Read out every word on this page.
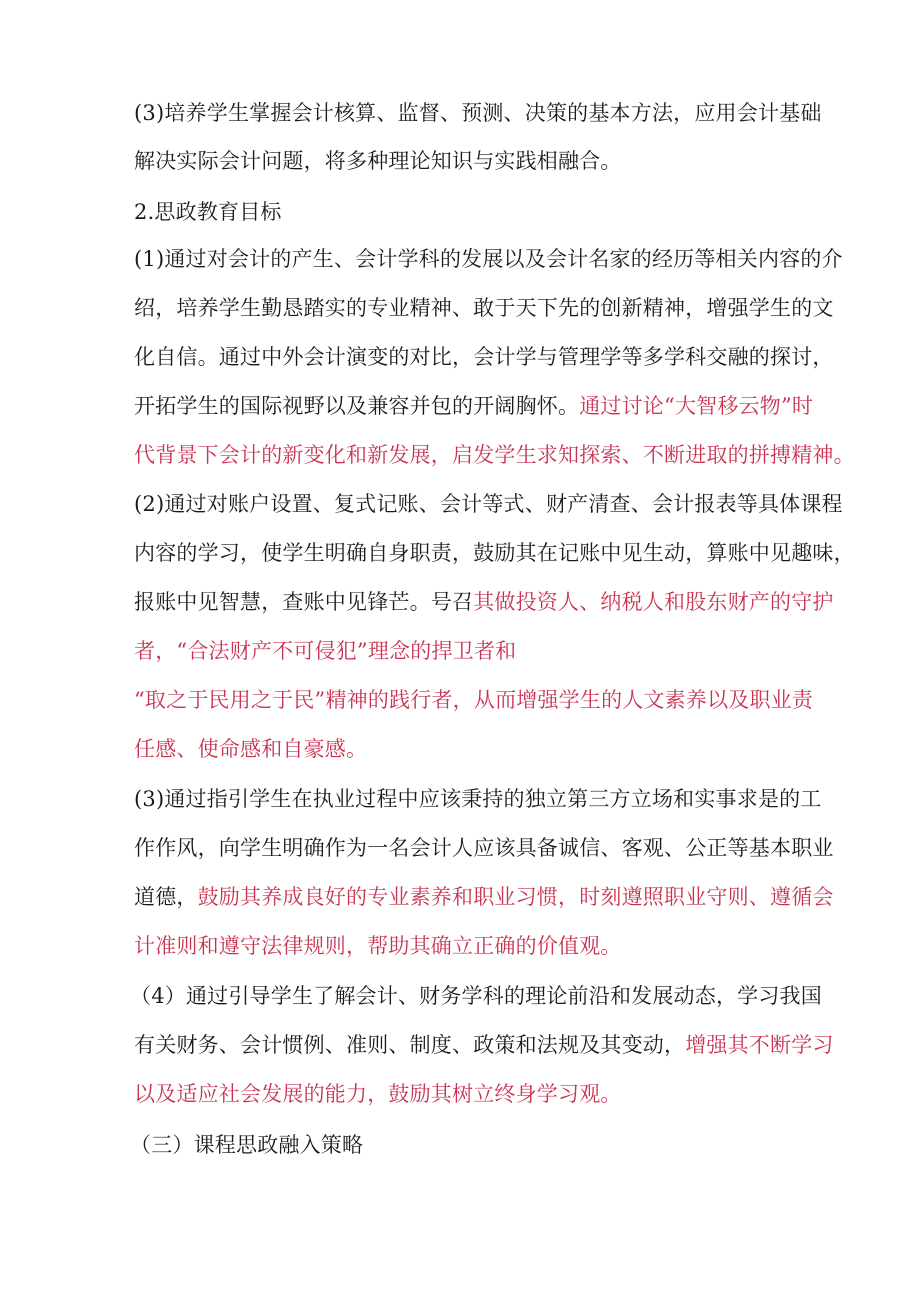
(3)培养学生掌握会计核算、监督、预测、决策的基本方法，应用会计基础
解决实际会计问题，将多种理论知识与实践相融合。
2.思政教育目标
(1)通过对会计的产生、会计学科的发展以及会计名家的经历等相关内容的介
绍，培养学生勤恳踏实的专业精神、敢于天下先的创新精神，增强学生的文
化自信。通过中外会计演变的对比，会计学与管理学等多学科交融的探讨，
开拓学生的国际视野以及兼容并包的开阔胸怀。通过讨论“大智移云物”时
代背景下会计的新变化和新发展，启发学生求知探索、不断进取的拼搏精神。
(2)通过对账户设置、复式记账、会计等式、财产清查、会计报表等具体课程
内容的学习，使学生明确自身职责，鼓励其在记账中见生动，算账中见趣味，
报账中见智慧，查账中见锋芒。号召其做投资人、纳税人和股东财产的守护
者，“合法财产不可侵犯”理念的捍卫者和
“取之于民用之于民”精神的践行者，从而增强学生的人文素养以及职业责
任感、使命感和自豪感。
(3)通过指引学生在执业过程中应该秉持的独立第三方立场和实事求是的工
作作风，向学生明确作为一名会计人应该具备诚信、客观、公正等基本职业
道德，鼓励其养成良好的专业素养和职业习惯，时刻遵照职业守则、遵循会
计准则和遵守法律规则，帮助其确立正确的价值观。
（4）通过引导学生了解会计、财务学科的理论前沿和发展动态，学习我国
有关财务、会计惯例、准则、制度、政策和法规及其变动，增强其不断学习
以及适应社会发展的能力，鼓励其树立终身学习观。
（三）课程思政融入策略
